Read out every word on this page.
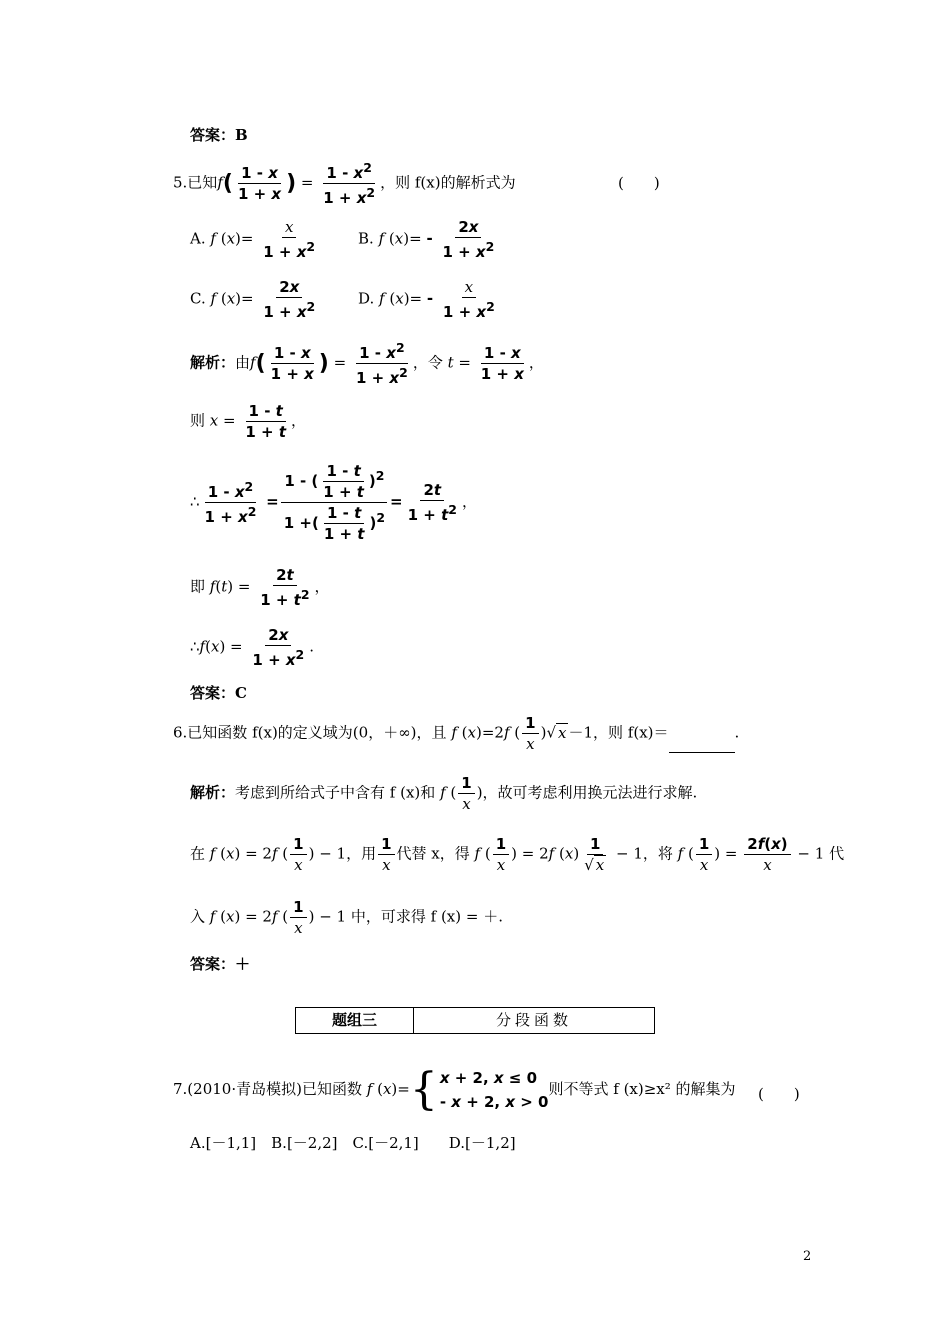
答案：B
5.已知$f( \frac{1 - x}{1 + x}$ ) = $\frac{1 - x^2}{1 + x^2}$ ，则 f(x)的解析式为	(　　)
A. f $(x)= \frac{x}{1 + x^2}$	B. f $(x)= - \frac{2x}{1 + x^2}$
C. f $(x)= \frac{2x}{1 + x^2}$	D. f $(x)= - \frac{x}{1 + x^2}$
解析：由$f( \frac{1 - x}{1 + x}$ ) = $\frac{1 - x^2}{1 + x^2}$ ，令 $t = \frac{1 - x}{1 + x}$ ，
则 $x = \frac{1 - t}{1 + t}$ ，
∴ $\frac{1 - x^2}{1 + x^2} = \frac{1 - ( \frac{1 - t}{1 + t} )^2}{1 +( \frac{1 - t}{1 + t} )^2} = \frac{2t}{1 + t^2}$ ，
即 $f(t) = \frac{2t}{1 + t^2}$ ，
∴f(x) = $\frac{2x}{1 + x^2}$ .
答案：C
6.已知函数 f(x)的定义域为(0，＋∞)，且 f (x)=2f ( $\frac{1}{x}$ )√ x －1，则 f(x)＝	.
解析：考虑到所给式子中含有 f (x)和 f ( $\frac{1}{x}$ )，故可考虑利用换元法进行求解.
在 f (x) = 2f ( $\frac{1}{x}$ ) − 1，用 $\frac{1}{x}$ 代替 x，得 f ( $\frac{1}{x}$ ) = 2f $(x) \frac{1}{√ x} - 1$，将 f ( $\frac{1}{x}$ ) = $\frac{2f(x)}{x} - 1$ 代
入 f (x) = 2f ( $\frac{1}{x}$ ) − 1 中，可求得 f (x) = ＋.
答案：＋
题组三	分段函数
7.(2010·青岛模拟)已知函数 f (x)= { x + 2, x ≤ 0
- x + 2, x > 0
则不等式 f (x)≥x² 的解集为 (　　)
A.[－1,1]　B.[－2,2]　C.[－2,1]　　D.[－1,2]
2
